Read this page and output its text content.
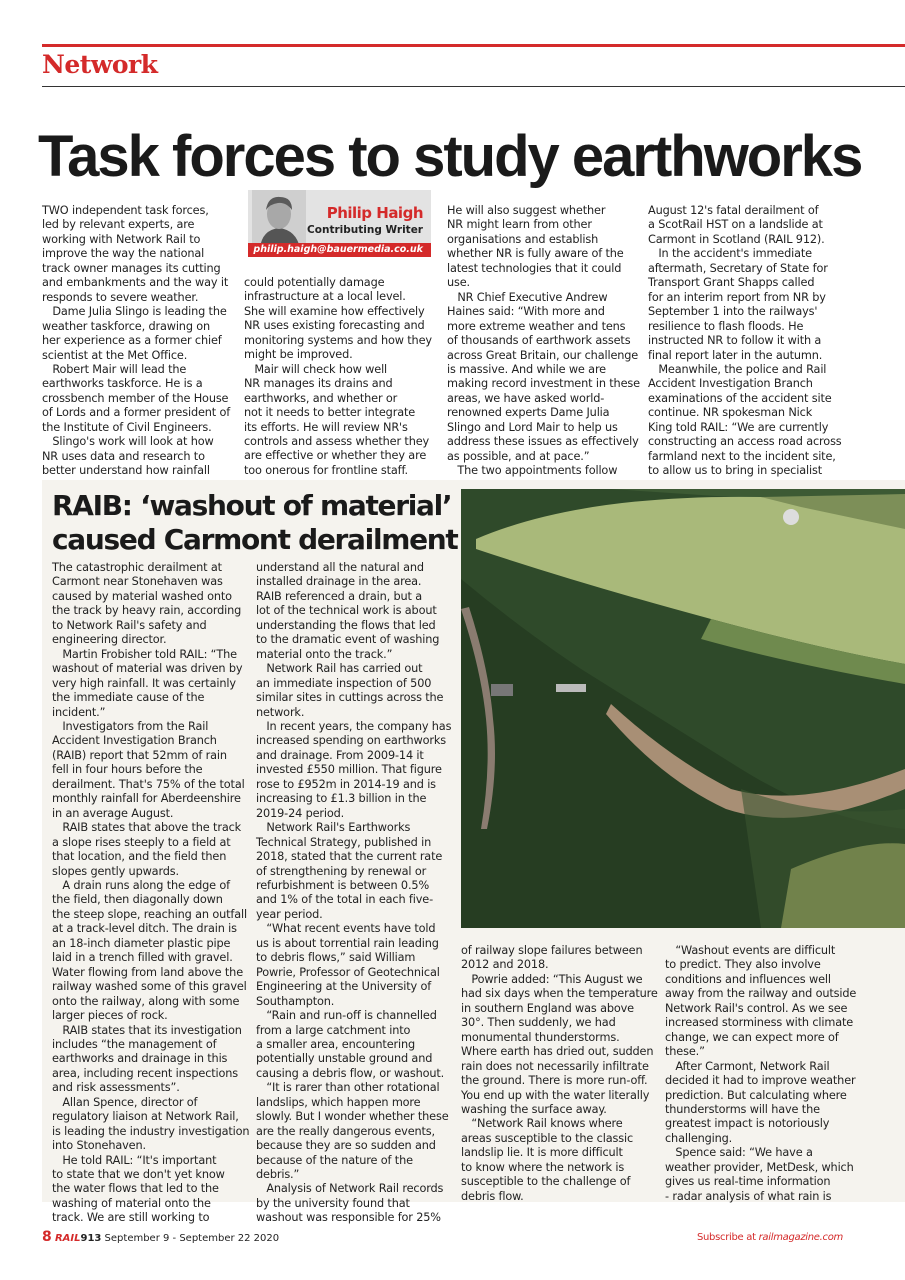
Network
Task forces to study earthworks
TWO independent task forces,
led by relevant experts, are
working with Network Rail to
improve the way the national
track owner manages its cutting
and embankments and the way it
responds to severe weather.
Dame Julia Slingo is leading the
weather taskforce, drawing on
her experience as a former chief
scientist at the Met Office.
Robert Mair will lead the
earthworks taskforce. He is a
crossbench member of the House
of Lords and a former president of
the Institute of Civil Engineers.
Slingo's work will look at how
NR uses data and research to
better understand how rainfall
Philip Haigh
Contributing Writer
philip.haigh@bauermedia.co.uk
could potentially damage
infrastructure at a local level.
She will examine how effectively
NR uses existing forecasting and
monitoring systems and how they
might be improved.
Mair will check how well
NR manages its drains and
earthworks, and whether or
not it needs to better integrate
its efforts. He will review NR's
controls and assess whether they
are effective or whether they are
too onerous for frontline staff.
He will also suggest whether
NR might learn from other
organisations and establish
whether NR is fully aware of the
latest technologies that it could
use.
NR Chief Executive Andrew
Haines said: “With more and
more extreme weather and tens
of thousands of earthwork assets
across Great Britain, our challenge
is massive. And while we are
making record investment in these
areas, we have asked world-
renowned experts Dame Julia
Slingo and Lord Mair to help us
address these issues as effectively
as possible, and at pace.”
The two appointments follow
August 12's fatal derailment of
a ScotRail HST on a landslide at
Carmont in Scotland (RAIL 912).
In the accident's immediate
aftermath, Secretary of State for
Transport Grant Shapps called
for an interim report from NR by
September 1 into the railways'
resilience to flash floods. He
instructed NR to follow it with a
final report later in the autumn.
Meanwhile, the police and Rail
Accident Investigation Branch
examinations of the accident site
continue. NR spokesman Nick
King told RAIL: “We are currently
constructing an access road across
farmland next to the incident site,
to allow us to bring in specialist
RAIB: ‘washout of material’
caused Carmont derailment
The catastrophic derailment at
Carmont near Stonehaven was
caused by material washed onto
the track by heavy rain, according
to Network Rail's safety and
engineering director.
Martin Frobisher told RAIL: “The
washout of material was driven by
very high rainfall. It was certainly
the immediate cause of the
incident.”
Investigators from the Rail
Accident Investigation Branch
(RAIB) report that 52mm of rain
fell in four hours before the
derailment. That's 75% of the total
monthly rainfall for Aberdeenshire
in an average August.
RAIB states that above the track
a slope rises steeply to a field at
that location, and the field then
slopes gently upwards.
A drain runs along the edge of
the field, then diagonally down
the steep slope, reaching an outfall
at a track-level ditch. The drain is
an 18-inch diameter plastic pipe
laid in a trench filled with gravel.
Water flowing from land above the
railway washed some of this gravel
onto the railway, along with some
larger pieces of rock.
RAIB states that its investigation
includes “the management of
earthworks and drainage in this
area, including recent inspections
and risk assessments”.
Allan Spence, director of
regulatory liaison at Network Rail,
is leading the industry investigation
into Stonehaven.
He told RAIL: “It's important
to state that we don't yet know
the water flows that led to the
washing of material onto the
track. We are still working to
understand all the natural and
installed drainage in the area.
RAIB referenced a drain, but a
lot of the technical work is about
understanding the flows that led
to the dramatic event of washing
material onto the track.”
Network Rail has carried out
an immediate inspection of 500
similar sites in cuttings across the
network.
In recent years, the company has
increased spending on earthworks
and drainage. From 2009-14 it
invested £550 million. That figure
rose to £952m in 2014-19 and is
increasing to £1.3 billion in the
2019-24 period.
Network Rail's Earthworks
Technical Strategy, published in
2018, stated that the current rate
of strengthening by renewal or
refurbishment is between 0.5%
and 1% of the total in each five-
year period.
“What recent events have told
us is about torrential rain leading
to debris flows,” said William
Powrie, Professor of Geotechnical
Engineering at the University of
Southampton.
“Rain and run-off is channelled
from a large catchment into
a smaller area, encountering
potentially unstable ground and
causing a debris flow, or washout.
“It is rarer than other rotational
landslips, which happen more
slowly. But I wonder whether these
are the really dangerous events,
because they are so sudden and
because of the nature of the
debris.”
Analysis of Network Rail records
by the university found that
washout was responsible for 25%
of railway slope failures between
2012 and 2018.
Powrie added: “This August we
had six days when the temperature
in southern England was above
30°. Then suddenly, we had
monumental thunderstorms.
Where earth has dried out, sudden
rain does not necessarily infiltrate
the ground. There is more run-off.
You end up with the water literally
washing the surface away.
“Network Rail knows where
areas susceptible to the classic
landslip lie. It is more difficult
to know where the network is
susceptible to the challenge of
debris flow.
“Washout events are difficult
to predict. They also involve
conditions and influences well
away from the railway and outside
Network Rail's control. As we see
increased storminess with climate
change, we can expect more of
these.”
After Carmont, Network Rail
decided it had to improve weather
prediction. But calculating where
thunderstorms will have the
greatest impact is notoriously
challenging.
Spence said: “We have a
weather provider, MetDesk, which
gives us real-time information
- radar analysis of what rain is
8 RAIL913 September 9 - September 22 2020	Subscribe at railmagazine.com
